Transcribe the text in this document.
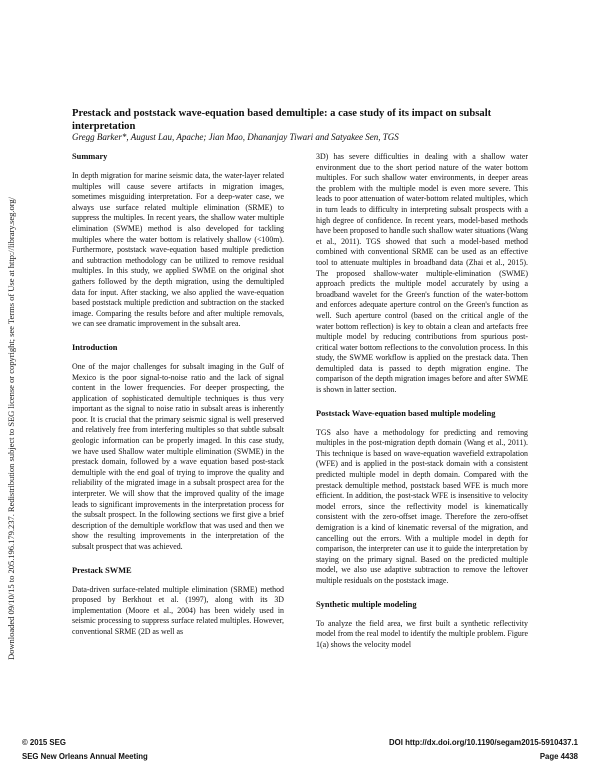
Downloaded 09/10/15 to 205.196.179.237. Redistribution subject to SEG license or copyright; see Terms of Use at http://library.seg.org/
Prestack and poststack wave-equation based demultiple: a case study of its impact on subsalt interpretation

Gregg Barker*, August Lau, Apache; Jian Mao, Dhananjay Tiwari and Satyakee Sen, TGS

Summary

In depth migration for marine seismic data, the water-layer related multiples will cause severe artifacts in migration images, sometimes misguiding interpretation. For a deep-water case, we always use surface related multiple elimination (SRME) to suppress the multiples. In recent years, the shallow water multiple elimination (SWME) method is also developed for tackling multiples where the water bottom is relatively shallow (<100m). Furthermore, poststack wave-equation based multiple prediction and subtraction methodology can be utilized to remove residual multiples. In this study, we applied SWME on the original shot gathers followed by the depth migration, using the demultipled data for input. After stacking, we also applied the wave-equation based poststack multiple prediction and subtraction on the stacked image. Comparing the results before and after multiple removals, we can see dramatic improvement in the subsalt area.

Introduction

One of the major challenges for subsalt imaging in the Gulf of Mexico is the poor signal-to-noise ratio and the lack of signal content in the lower frequencies. For deeper prospecting, the application of sophisticated demultiple techniques is thus very important as the signal to noise ratio in subsalt areas is inherently poor. It is crucial that the primary seismic signal is well preserved and relatively free from interfering multiples so that subtle subsalt geologic information can be properly imaged. In this case study, we have used Shallow water multiple elimination (SWME) in the prestack domain, followed by a wave equation based post-stack demultiple with the end goal of trying to improve the quality and reliability of the migrated image in a subsalt prospect area for the interpreter. We will show that the improved quality of the image leads to significant improvements in the interpretation process for the subsalt prospect. In the following sections we first give a brief description of the demultiple workflow that was used and then we show the resulting improvements in the interpretation of the subsalt prospect that was achieved.

Prestack SWME

Data-driven surface-related multiple elimination (SRME) method proposed by Berkhout et al. (1997), along with its 3D implementation (Moore et al., 2004) has been widely used in seismic processing to suppress surface related multiples. However, conventional SRME (2D as well as

3D) has severe difficulties in dealing with a shallow water environment due to the short period nature of the water bottom multiples. For such shallow water environments, in deeper areas the problem with the multiple model is even more severe. This leads to poor attenuation of water-bottom related multiples, which in turn leads to difficulty in interpreting subsalt prospects with a high degree of confidence. In recent years, model-based methods have been proposed to handle such shallow water situations (Wang et al., 2011). TGS showed that such a model-based method combined with conventional SRME can be used as an effective tool to attenuate multiples in broadband data (Zhai et al., 2015). The proposed shallow-water multiple-elimination (SWME) approach predicts the multiple model accurately by using a broadband wavelet for the Green's function of the water-bottom and enforces adequate aperture control on the Green's function as well. Such aperture control (based on the critical angle of the water bottom reflection) is key to obtain a clean and artefacts free multiple model by reducing contributions from spurious post-critical water bottom reflections to the convolution process. In this study, the SWME workflow is applied on the prestack data. Then demultipled data is passed to depth migration engine. The comparison of the depth migration images before and after SWME is shown in latter section.

Poststack Wave-equation based multiple modeling

TGS also have a methodology for predicting and removing multiples in the post-migration depth domain (Wang et al., 2011). This technique is based on wave-equation wavefield extrapolation (WFE) and is applied in the post-stack domain with a consistent predicted multiple model in depth domain. Compared with the prestack demultiple method, poststack based WFE is much more efficient. In addition, the post-stack WFE is insensitive to velocity model errors, since the reflectivity model is kinematically consistent with the zero-offset image. Therefore the zero-offset demigration is a kind of kinematic reversal of the migration, and cancelling out the errors. With a multiple model in depth for comparison, the interpreter can use it to guide the interpretation by staying on the primary signal. Based on the predicted multiple model, we also use adaptive subtraction to remove the leftover multiple residuals on the poststack image.

Synthetic multiple modeling

To analyze the field area, we first built a synthetic reflectivity model from the real model to identify the multiple problem. Figure 1(a) shows the velocity model

© 2015 SEG	DOI http://dx.doi.org/10.1190/segam2015-5910437.1
SEG New Orleans Annual Meeting	Page 4438
